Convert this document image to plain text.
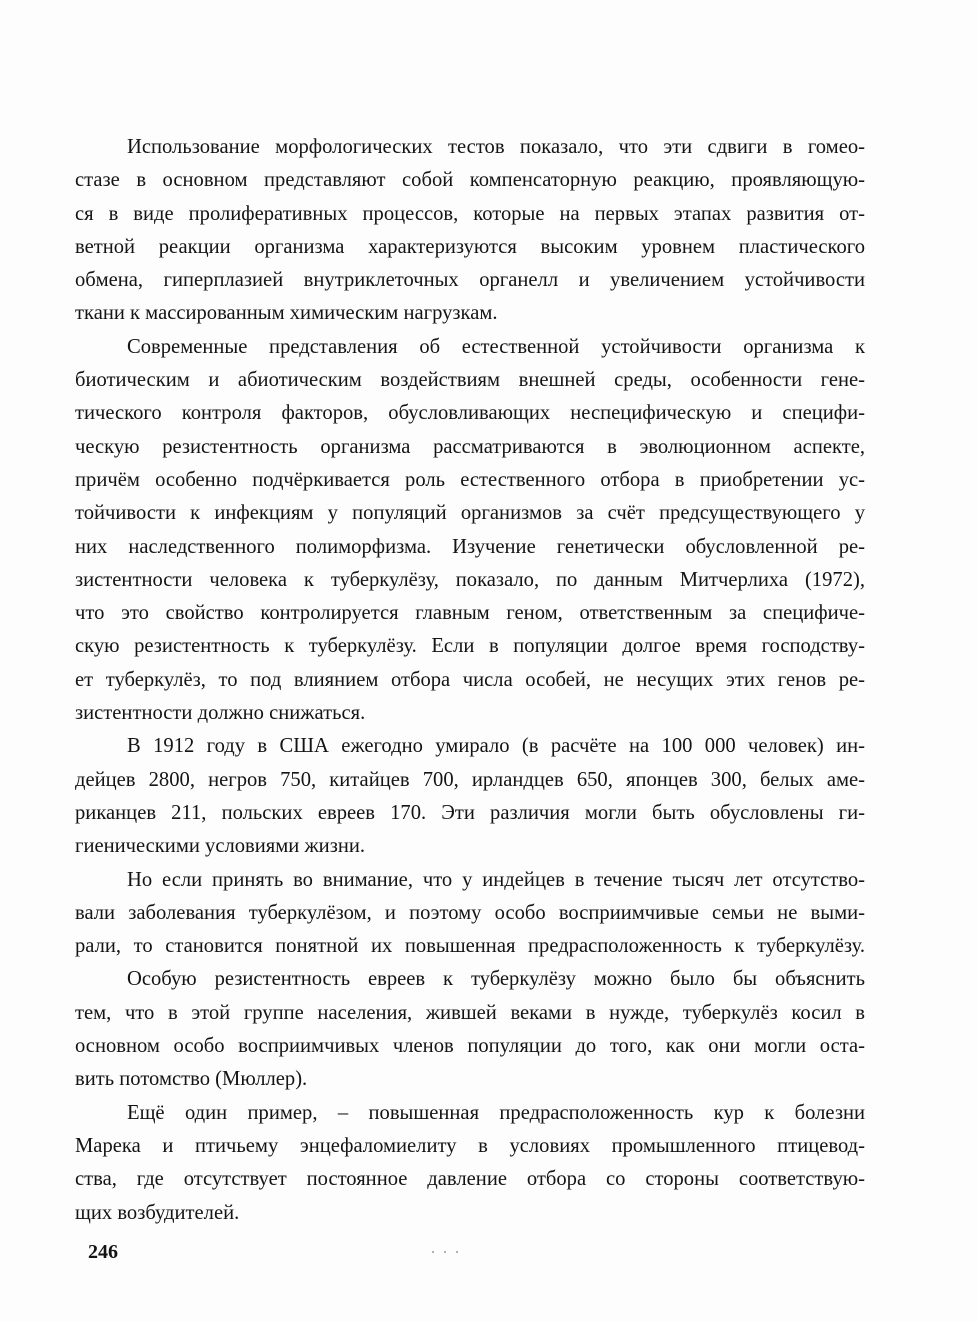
Использование морфологических тестов показало, что эти сдвиги в гомео-
стазе в основном представляют собой компенсаторную реакцию, проявляющую-
ся в виде пролиферативных процессов, которые на первых этапах развития от-
ветной реакции организма характеризуются высоким уровнем пластического
обмена, гиперплазией внутриклеточных органелл и увеличением устойчивости
ткани к массированным химическим нагрузкам.
Современные представления об естественной устойчивости организма к
биотическим и абиотическим воздействиям внешней среды, особенности гене-
тического контроля факторов, обусловливающих неспецифическую и специфи-
ческую резистентность организма рассматриваются в эволюционном аспекте,
причём особенно подчёркивается роль естественного отбора в приобретении ус-
тойчивости к инфекциям у популяций организмов за счёт предсуществующего у
них наследственного полиморфизма. Изучение генетически обусловленной ре-
зистентности человека к туберкулёзу, показало, по данным Митчерлиха (1972),
что это свойство контролируется главным геном, ответственным за специфиче-
скую резистентность к туберкулёзу. Если в популяции долгое время господству-
ет туберкулёз, то под влиянием отбора числа особей, не несущих этих генов ре-
зистентности должно снижаться.
В 1912 году в США ежегодно умирало (в расчёте на 100 000 человек) ин-
дейцев 2800, негров 750, китайцев 700, ирландцев 650, японцев 300, белых аме-
риканцев 211, польских евреев 170. Эти различия могли быть обусловлены ги-
гиеническими условиями жизни.
Но если принять во внимание, что у индейцев в течение тысяч лет отсутство-
вали заболевания туберкулёзом, и поэтому особо восприимчивые семьи не выми-
рали, то становится понятной их повышенная предрасположенность к туберкулёзу.
Особую резистентность евреев к туберкулёзу можно было бы объяснить
тем, что в этой группе населения, жившей веками в нужде, туберкулёз косил в
основном особо восприимчивых членов популяции до того, как они могли оста-
вить потомство (Мюллер).
Ещё один пример, – повышенная предрасположенность кур к болезни
Марека и птичьему энцефаломиелиту в условиях промышленного птицевод-
ства, где отсутствует постоянное давление отбора со стороны соответствую-
щих возбудителей.
246
